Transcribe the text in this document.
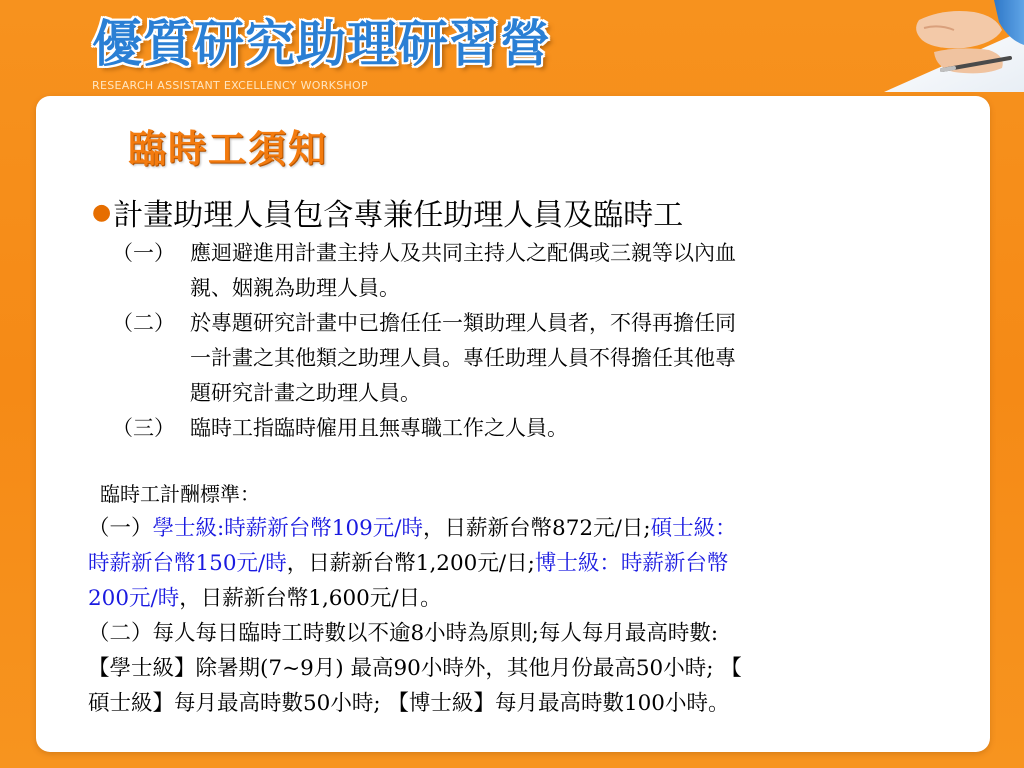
優質研究助理研習營
RESEARCH ASSISTANT EXCELLENCY WORKSHOP
臨時工須知
●計畫助理人員包含專兼任助理人員及臨時工
（一） 應迴避進用計畫主持人及共同主持人之配偶或三親等以內血
親、姻親為助理人員。
（二） 於專題研究計畫中已擔任任一類助理人員者，不得再擔任同
一計畫之其他類之助理人員。專任助理人員不得擔任其他專
題研究計畫之助理人員。
（三） 臨時工指臨時僱用且無專職工作之人員。
臨時工計酬標準：
（一）學士級:時薪新台幣109元/時，日薪新台幣872元/日;碩士級：
時薪新台幣150元/時，日薪新台幣1,200元/日;博士級：時薪新台幣
200元/時，日薪新台幣1,600元/日。
（二）每人每日臨時工時數以不逾8小時為原則;每人每月最高時數:
【學士級】除暑期(7~9月) 最高90小時外，其他月份最高50小時; 【
碩士級】每月最高時數50小時; 【博士級】每月最高時數100小時。
